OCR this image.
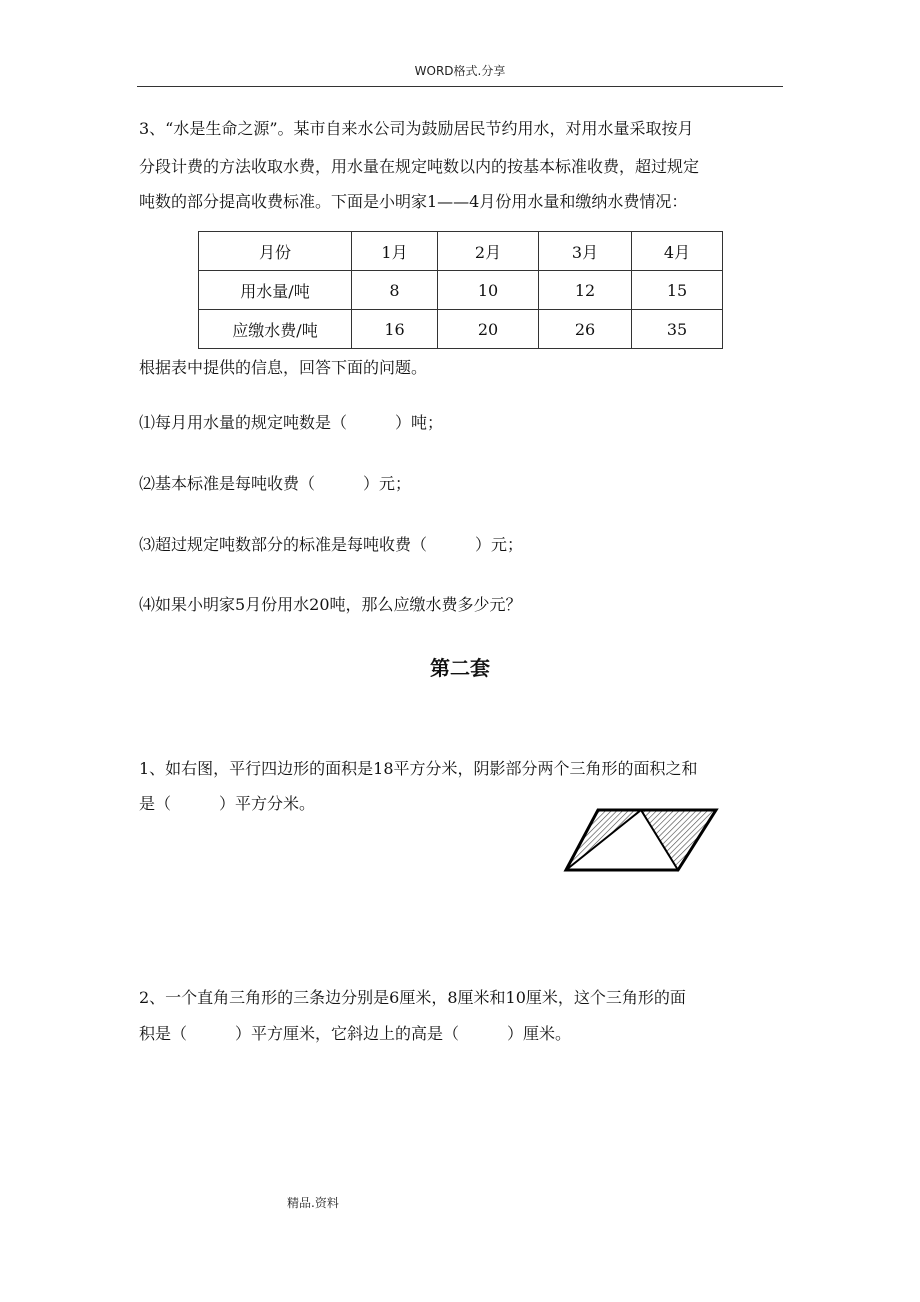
WORD格式.分享
3、“水是生命之源”。某市自来水公司为鼓励居民节约用水，对用水量采取按月
分段计费的方法收取水费，用水量在规定吨数以内的按基本标准收费，超过规定
吨数的部分提高收费标准。下面是小明家1——4月份用水量和缴纳水费情况：
月份	1月	2月	3月	4月
用水量/吨	8	10	12	15
应缴水费/吨	16	20	26	35
根据表中提供的信息，回答下面的问题。
⑴每月用水量的规定吨数是（　　　）吨；
⑵基本标准是每吨收费（　　　）元；
⑶超过规定吨数部分的标准是每吨收费（　　　）元；
⑷如果小明家5月份用水20吨，那么应缴水费多少元？
第二套
1、如右图，平行四边形的面积是18平方分米，阴影部分两个三角形的面积之和
是（　　　）平方分米。
2、一个直角三角形的三条边分别是6厘米，8厘米和10厘米，这个三角形的面
积是（　　　）平方厘米，它斜边上的高是（　　　）厘米。
精品.资料
